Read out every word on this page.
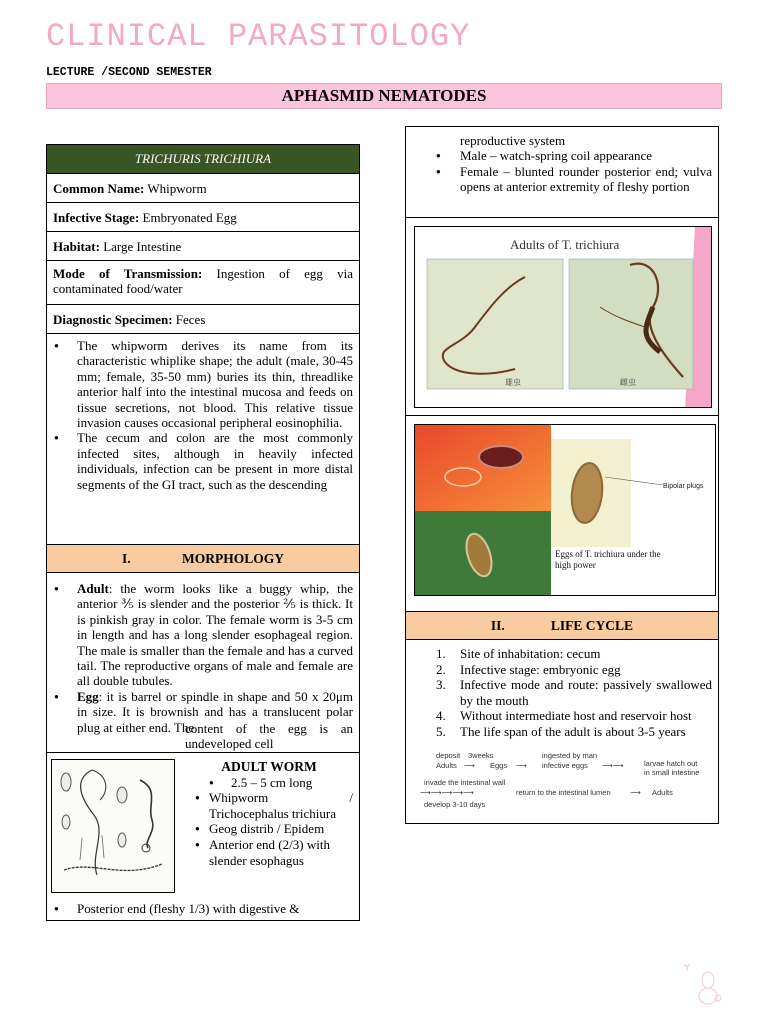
CLINICAL PARASITOLOGY
LECTURE /SECOND SEMESTER
APHASMID NEMATODES
TRICHURIS TRICHIURA
Common Name: Whipworm
Infective Stage: Embryonated Egg
Habitat: Large Intestine
Mode of Transmission: Ingestion of egg via contaminated food/water
Diagnostic Specimen: Feces
● The whipworm derives its name from its characteristic whiplike shape; the adult (male, 30-45 mm; female, 35-50 mm) buries its thin, threadlike anterior half into the intestinal mucosa and feeds on tissue secretions, not blood. This relative tissue invasion causes occasional peripheral eosinophilia.
● The cecum and colon are the most commonly infected sites, although in heavily infected individuals, infection can be present in more distal segments of the GI tract, such as the descending
I.	MORPHOLOGY
● Adult: the worm looks like a buggy whip, the anterior ⅗ is slender and the posterior ⅖ is thick. It is pinkish gray in color. The female worm is 3-5 cm in length and has a long slender esophageal region. The male is smaller than the female and has a curved tail. The reproductive organs of male and female are all double tubules.
● Egg: it is barrel or spindle in shape and 50 x 20μm in size. It is brownish and has a translucent polar plug at either end. The
content of the egg is an undeveloped cell
ADULT WORM
● 2.5 – 5 cm long
● Whipworm / Trichocephalus trichiura
● Geog distrib / Epidem
● Anterior end (2/3) with slender esophagus
● Posterior end (fleshy 1/3) with digestive &
reproductive system
● Male – watch-spring coil appearance
● Female – blunted rounder posterior end; vulva opens at anterior extremity of fleshy portion
Adults of T. trichiura
雄虫	雌虫
Bipolar plugs
Eggs of T. trichiura under the high power
II.	LIFE CYCLE
1. Site of inhabitation: cecum
2. Infective stage: embryonic egg
3. Infective mode and route: passively swallowed by the mouth
4. Without intermediate host and reservoir host
5. The life span of the adult is about 3-5 years
deposit 3weeks	ingested by man
Adults ⟶ Eggs ⟶ infective eggs ⟶⟶	larvae hatch out
in small intestine
invade the intestinal wall
⟶⟶⟶⟶⟶	return to the intestinal lumen	⟶ Adults
develop 3-10 days
